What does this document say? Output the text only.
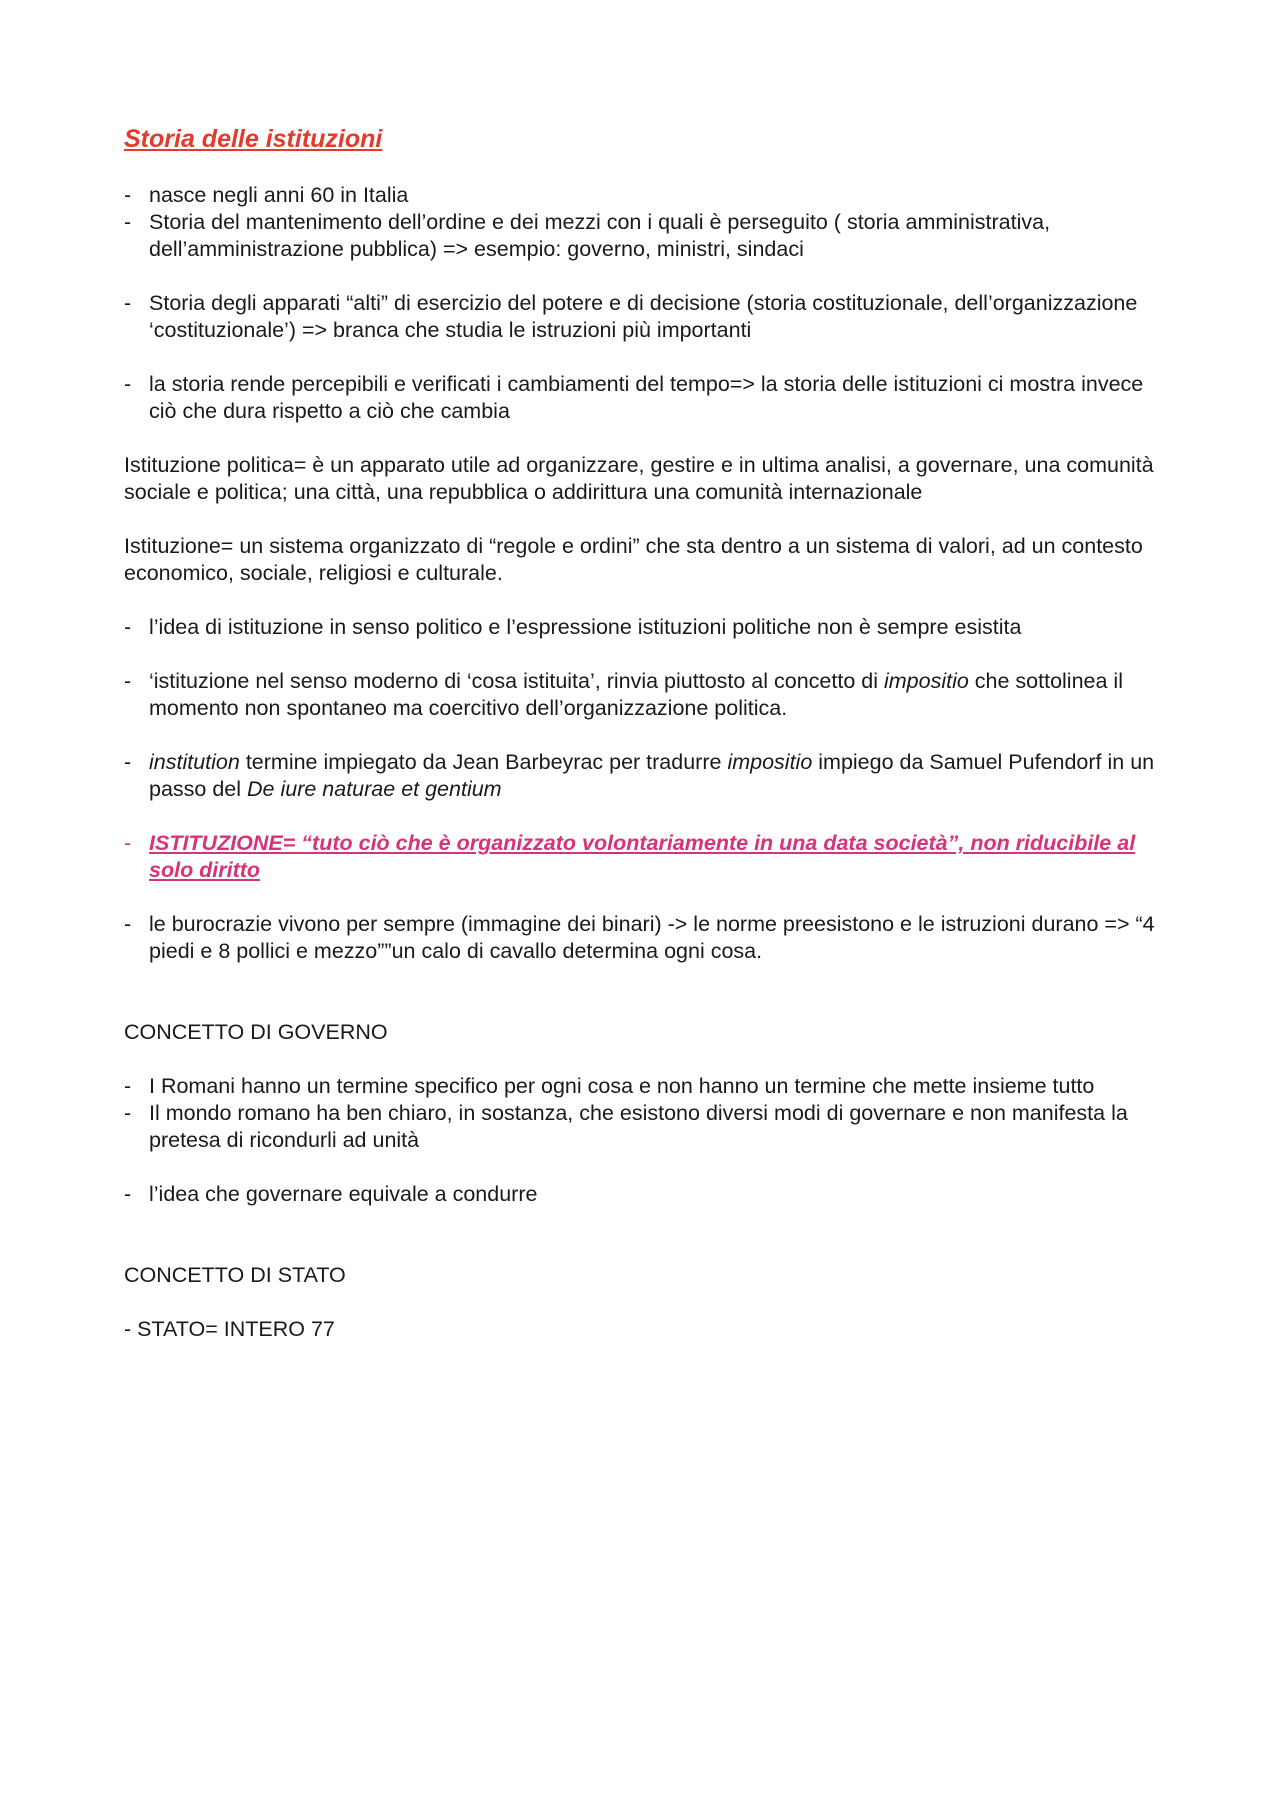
Storia delle istituzioni
- nasce negli anni 60 in Italia
- Storia del mantenimento dell’ordine e dei mezzi con i quali è perseguito ( storia amministrativa, dell’amministrazione pubblica) => esempio: governo, ministri, sindaci
- Storia degli apparati “alti” di esercizio del potere e di decisione (storia costituzionale, dell’organizzazione ‘costituzionale’) => branca che studia le istruzioni più importanti
- la storia rende percepibili e verificati i cambiamenti del tempo=> la storia delle istituzioni ci mostra invece ciò che dura rispetto a ciò che cambia

Istituzione politica= è un apparato utile ad organizzare, gestire e in ultima analisi, a governare, una comunità sociale e politica; una città, una repubblica o addirittura una comunità internazionale

Istituzione= un sistema organizzato di “regole e ordini” che sta dentro a un sistema di valori, ad un contesto economico, sociale, religiosi e culturale.

- l’idea di istituzione in senso politico e l’espressione istituzioni politiche non è sempre esistita
- ‘istituzione nel senso moderno di ‘cosa istituita’, rinvia piuttosto al concetto di impositio che sottolinea il momento non spontaneo ma coercitivo dell’organizzazione politica.
- institution termine impiegato da Jean Barbeyrac per tradurre impositio impiego da Samuel Pufendorf in un passo del De iure naturae et gentium
- ISTITUZIONE= “tuto ciò che è organizzato volontariamente in una data società”, non riducibile al solo diritto
- le burocrazie vivono per sempre (immagine dei binari) -> le norme preesistono e le istruzioni durano => “4 piedi e 8 pollici e mezzo””un calo di cavallo determina ogni cosa.
CONCETTO DI GOVERNO
- I Romani hanno un termine specifico per ogni cosa e non hanno un termine che mette insieme tutto
- Il mondo romano ha ben chiaro, in sostanza, che esistono diversi modi di governare e non manifesta la pretesa di ricondurli ad unità
- l’idea che governare equivale a condurre
CONCETTO DI STATO

- STATO= INTERO 77
